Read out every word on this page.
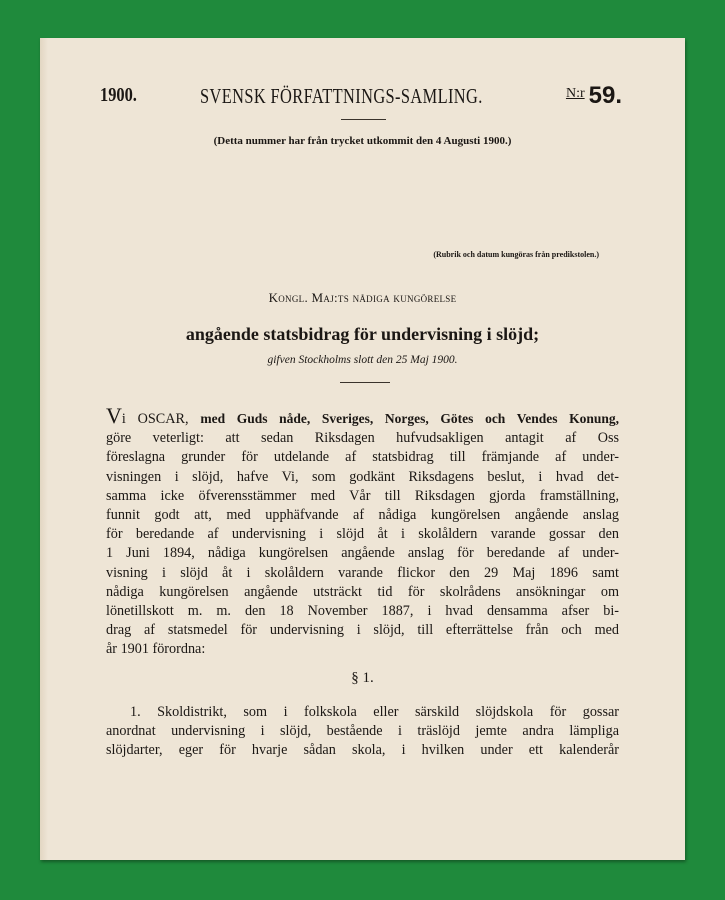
1900.	SVENSK FÖRFATTNINGS-SAMLING.	N:r 59.
(Detta nummer har från trycket utkommit den 4 Augusti 1900.)
(Rubrik och datum kungöras från predikstolen.)
Kongl. Maj:ts nådiga kungörelse
angående statsbidrag för undervisning i slöjd;
gifven Stockholms slott den 25 Maj 1900.
Vi OSCAR, med Guds nåde, Sveriges, Norges, Götes och Vendes Konung,
göre veterligt: att sedan Riksdagen hufvudsakligen antagit af Oss
föreslagna grunder för utdelande af statsbidrag till främjande af under-
visningen i slöjd, hafve Vi, som godkänt Riksdagens beslut, i hvad det-
samma icke öfverensstämmer med Vår till Riksdagen gjorda framställning,
funnit godt att, med upphäfvande af nådiga kungörelsen angående anslag
för beredande af undervisning i slöjd åt i skolåldern varande gossar den
1 Juni 1894, nådiga kungörelsen angående anslag för beredande af under-
visning i slöjd åt i skolåldern varande flickor den 29 Maj 1896 samt
nådiga kungörelsen angående utsträckt tid för skolrådens ansökningar om
lönetillskott m. m. den 18 November 1887, i hvad densamma afser bi-
drag af statsmedel för undervisning i slöjd, till efterrättelse från och med
år 1901 förordna:
§ 1.
1. Skoldistrikt, som i folkskola eller särskild slöjdskola för gossar
anordnat undervisning i slöjd, bestående i träslöjd jemte andra lämpliga
slöjdarter, eger för hvarje sådan skola, i hvilken under ett kalenderår
